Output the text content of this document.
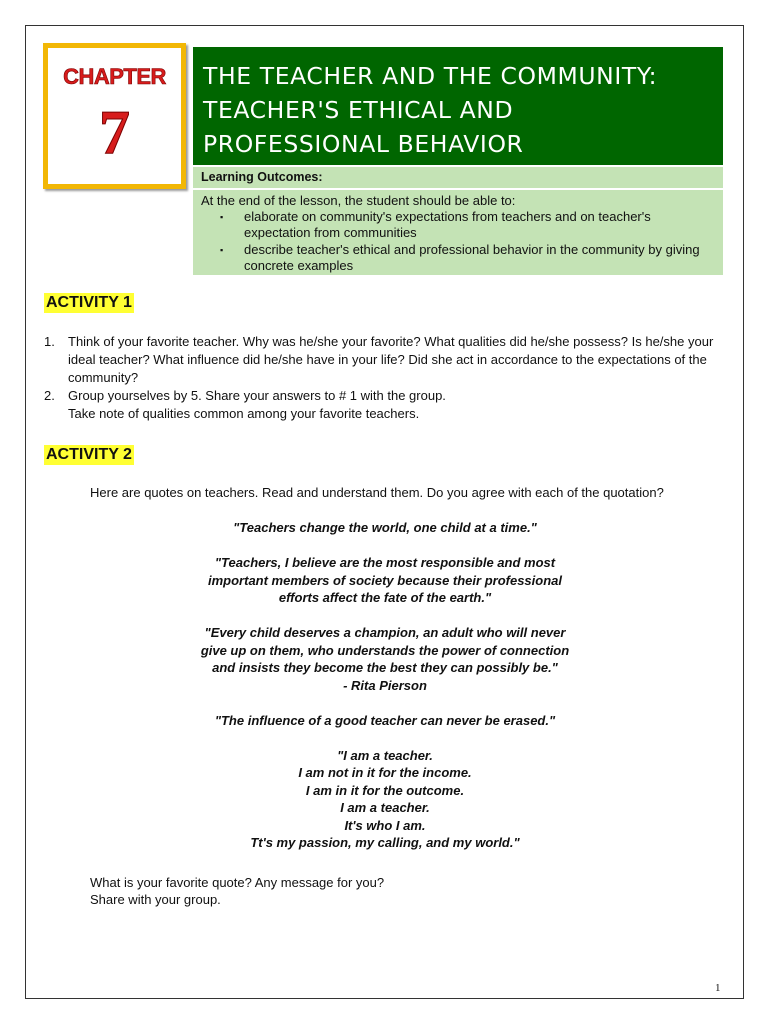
CHAPTER
7
THE TEACHER AND THE COMMUNITY:
TEACHER'S ETHICAL AND
PROFESSIONAL BEHAVIOR
Learning Outcomes:
At the end of the lesson, the student should be able to:
▪ elaborate on community's expectations from teachers and on teacher's expectation from communities
▪ describe teacher's ethical and professional behavior in the community by giving concrete examples
ACTIVITY 1
1. Think of your favorite teacher. Why was he/she your favorite? What qualities did he/she possess? Is he/she your ideal teacher? What influence did he/she have in your life? Did she act in accordance to the expectations of the community?
2. Group yourselves by 5. Share your answers to # 1 with the group.
Take note of qualities common among your favorite teachers.
ACTIVITY 2
Here are quotes on teachers. Read and understand them. Do you agree with each of the quotation?
"Teachers change the world, one child at a time."
"Teachers, I believe are the most responsible and most
important members of society because their professional
efforts affect the fate of the earth."
"Every child deserves a champion, an adult who will never
give up on them, who understands the power of connection
and insists they become the best they can possibly be."
- Rita Pierson
"The influence of a good teacher can never be erased."
"I am a teacher.
I am not in it for the income.
I am in it for the outcome.
I am a teacher.
It's who I am.
Tt's my passion, my calling, and my world."
What is your favorite quote? Any message for you?
Share with your group.
1
